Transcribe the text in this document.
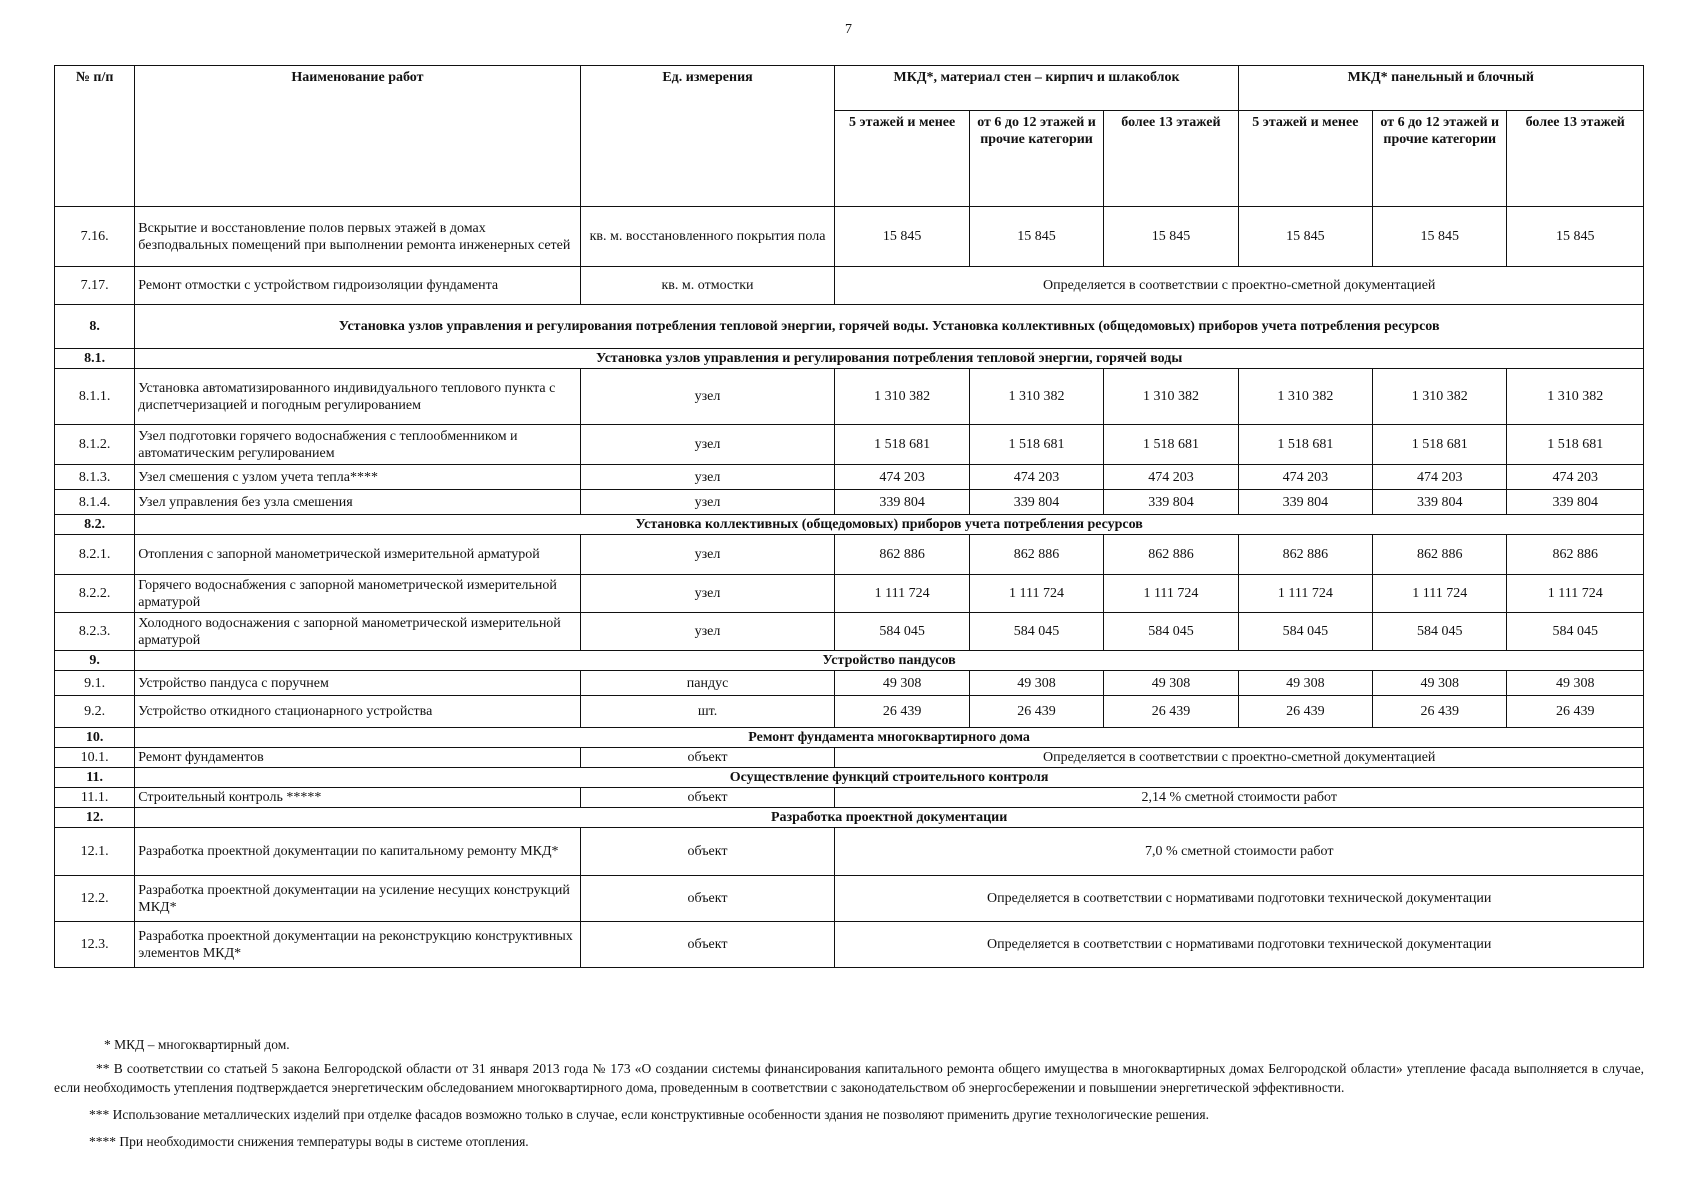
7
№ п/п	Наименование работ	Ед. измерения	МКД*, материал стен – кирпич и шлакоблок			МКД* панельный и блочный		
			5 этажей и менее	от 6 до 12 этажей и прочие категории	более 13 этажей	5 этажей и менее	от 6 до 12 этажей и прочие категории	более 13 этажей
7.16.	Вскрытие и восстановление полов первых этажей в домах безподвальных помещений при выполнении ремонта инженерных сетей	кв. м. восстановленного покрытия пола	15 845	15 845	15 845	15 845	15 845	15 845
7.17.	Ремонт отмостки с устройством гидроизоляции фундамента	кв. м. отмостки	Определяется в соответствии с проектно-сметной документацией					
8.	Установка узлов управления и регулирования потребления тепловой энергии, горячей воды. Установка коллективных (общедомовых) приборов учета потребления ресурсов							
8.1.	Установка узлов управления и регулирования потребления тепловой энергии, горячей воды							
8.1.1.	Установка автоматизированного индивидуального теплового пункта с диспетчеризацией и погодным регулированием	узел	1 310 382	1 310 382	1 310 382	1 310 382	1 310 382	1 310 382
8.1.2.	Узел подготовки горячего водоснабжения с теплообменником и автоматическим регулированием	узел	1 518 681	1 518 681	1 518 681	1 518 681	1 518 681	1 518 681
8.1.3.	Узел смешения с узлом учета тепла****	узел	474 203	474 203	474 203	474 203	474 203	474 203
8.1.4.	Узел управления без узла смешения	узел	339 804	339 804	339 804	339 804	339 804	339 804
8.2.	Установка коллективных (общедомовых) приборов учета потребления ресурсов							
8.2.1.	Отопления с запорной манометрической измерительной арматурой	узел	862 886	862 886	862 886	862 886	862 886	862 886
8.2.2.	Горячего водоснабжения с запорной манометрической измерительной арматурой	узел	1 111 724	1 111 724	1 111 724	1 111 724	1 111 724	1 111 724
8.2.3.	Холодного водоснажения с запорной манометрической измерительной арматурой	узел	584 045	584 045	584 045	584 045	584 045	584 045
9.	Устройство пандусов							
9.1.	Устройство пандуса с поручнем	пандус	49 308	49 308	49 308	49 308	49 308	49 308
9.2.	Устройство откидного стационарного устройства	шт.	26 439	26 439	26 439	26 439	26 439	26 439
10.	Ремонт фундамента многоквартирного дома							
10.1.	Ремонт фундаментов	объект	Определяется в соответствии с проектно-сметной документацией					
11.	Осуществление функций строительного контроля							
11.1.	Строительный контроль *****	объект	2,14 % сметной стоимости работ					
12.	Разработка проектной документации							
12.1.	Разработка проектной документации по капитальному ремонту МКД*	объект	7,0 % сметной стоимости работ					
12.2.	Разработка проектной документации на усиление несущих конструкций МКД*	объект	Определяется в соответствии с нормативами подготовки технической документации					
12.3.	Разработка проектной документации на реконструкцию конструктивных элементов МКД*	объект	Определяется в соответствии с нормативами подготовки технической документации					

* МКД – многоквартирный дом.

** В соответствии со статьей 5 закона Белгородской области от 31 января 2013 года № 173 «О создании системы финансирования капитального ремонта общего имущества в многоквартирных домах Белгородской области» утепление фасада выполняется в случае, если необходимость утепления подтверждается энергетическим обследованием многоквартирного дома, проведенным в соответствии с законодательством об энергосбережении и повышении энергетической эффективности.

*** Использование металлических изделий при отделке фасадов возможно только в случае, если конструктивные особенности здания не позволяют применить другие технологические решения.

**** При необходимости снижения температуры воды в системе отопления.
